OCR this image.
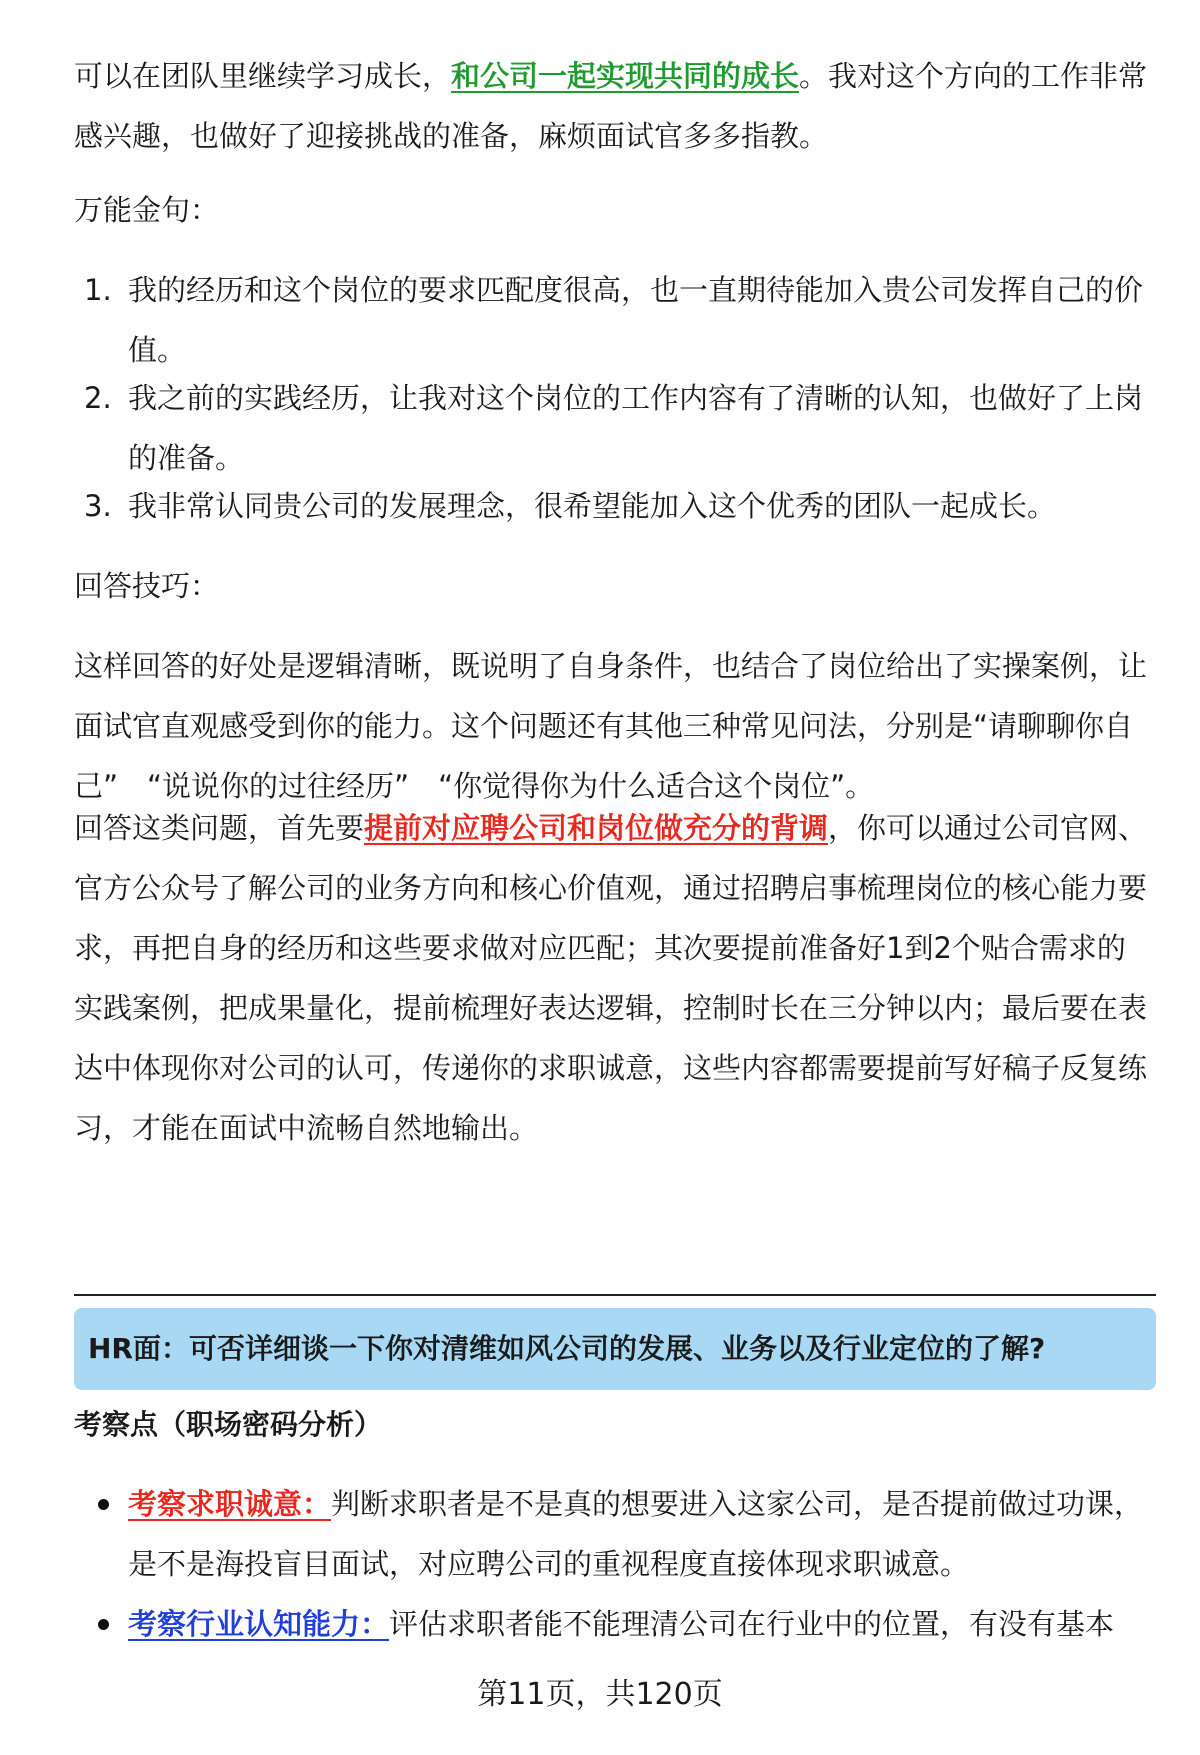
可以在团队里继续学习成长，和公司一起实现共同的成长。我对这个方向的工作非常感兴趣，也做好了迎接挑战的准备，麻烦面试官多多指教。

万能金句：

1. 我的经历和这个岗位的要求匹配度很高，也一直期待能加入贵公司发挥自己的价值。
2. 我之前的实践经历，让我对这个岗位的工作内容有了清晰的认知，也做好了上岗的准备。
3. 我非常认同贵公司的发展理念，很希望能加入这个优秀的团队一起成长。

回答技巧：

这样回答的好处是逻辑清晰，既说明了自身条件，也结合了岗位给出了实操案例，让面试官直观感受到你的能力。这个问题还有其他三种常见问法，分别是“请聊聊你自己”　“说说你的过往经历”　“你觉得你为什么适合这个岗位”。

回答这类问题，首先要提前对应聘公司和岗位做充分的背调，你可以通过公司官网、官方公众号了解公司的业务方向和核心价值观，通过招聘启事梳理岗位的核心能力要求，再把自身的经历和这些要求做对应匹配；其次要提前准备好1到2个贴合需求的实践案例，把成果量化，提前梳理好表达逻辑，控制时长在三分钟以内；最后要在表达中体现你对公司的认可，传递你的求职诚意，这些内容都需要提前写好稿子反复练习，才能在面试中流畅自然地输出。

HR面：可否详细谈一下你对清维如风公司的发展、业务以及行业定位的了解?
考察点（职场密码分析）
考察求职诚意：判断求职者是不是真的想要进入这家公司，是否提前做过功课，是不是海投盲目面试，对应聘公司的重视程度直接体现求职诚意。
考察行业认知能力：评估求职者能不能理清公司在行业中的位置，有没有基本
第11页，共120页
